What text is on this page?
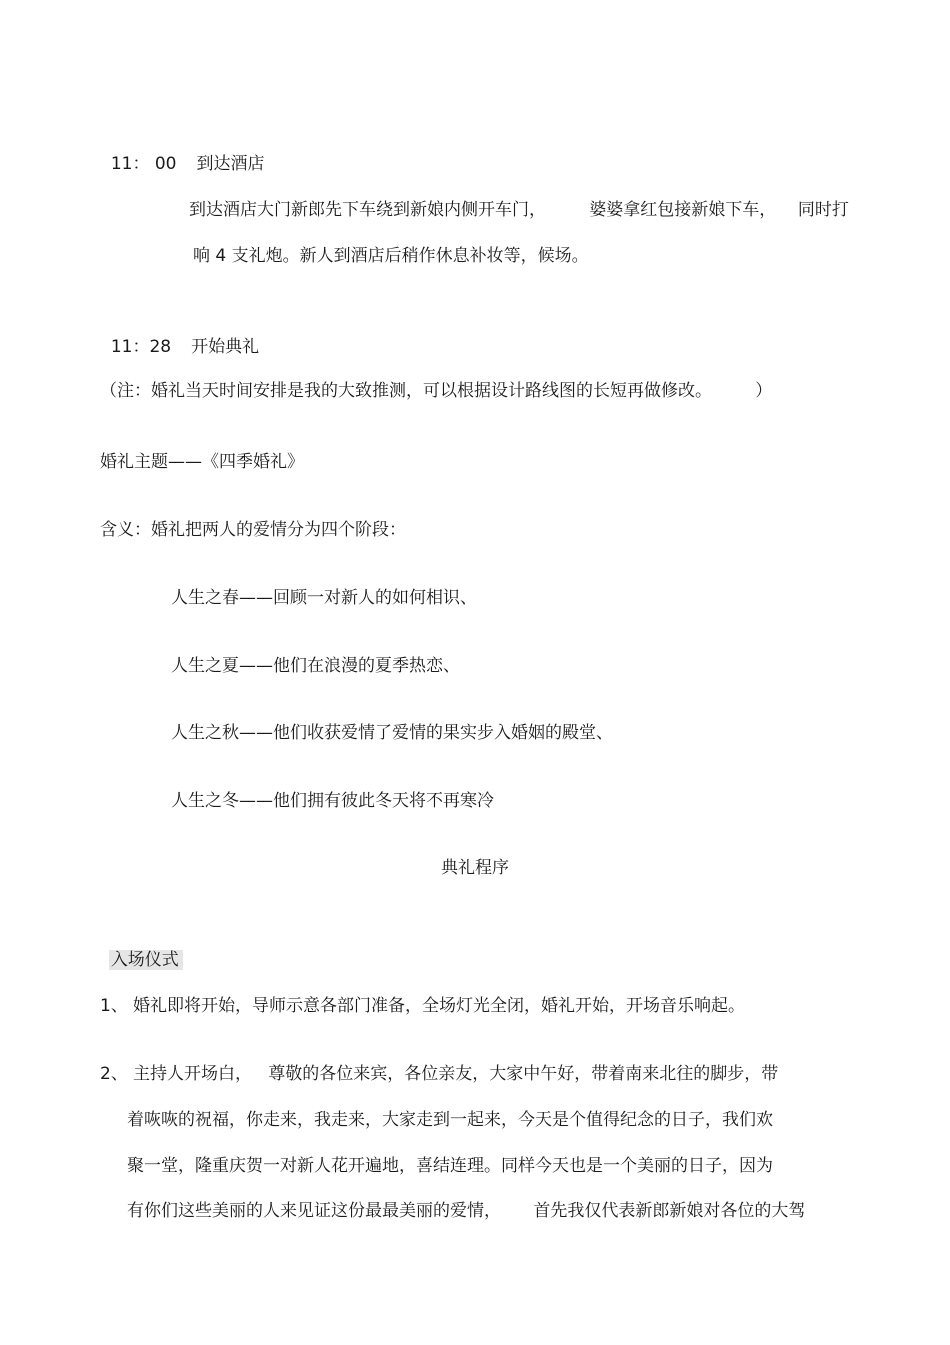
11： 00 到达酒店

到达酒店大门新郎先下车绕到新娘内侧开车门，        婆婆拿红包接新娘下车，    同时打
响 4 支礼炮。新人到酒店后稍作休息补妆等，候场。

11：28 开始典礼

（注：婚礼当天时间安排是我的大致推测，可以根据设计路线图的长短再做修改。        ）
婚礼主题——《四季婚礼》
含义：婚礼把两人的爱情分为四个阶段：
人生之春——回顾一对新人的如何相识、
人生之夏——他们在浪漫的夏季热恋、
人生之秋——他们收获爱情了爱情的果实步入婚姻的殿堂、
人生之冬——他们拥有彼此冬天将不再寒冷
典礼程序

入场仪式

1、 婚礼即将开始，导师示意各部门准备，全场灯光全闭，婚礼开始，开场音乐响起。
2、 主持人开场白，   尊敬的各位来宾，各位亲友，大家中午好，带着南来北往的脚步，带
着咴咴的祝福，你走来，我走来，大家走到一起来，今天是个值得纪念的日子，我们欢
聚一堂，隆重庆贺一对新人花开遍地，喜结连理。同样今天也是一个美丽的日子，因为
有你们这些美丽的人来见证这份最最美丽的爱情，      首先我仅代表新郎新娘对各位的大驾
